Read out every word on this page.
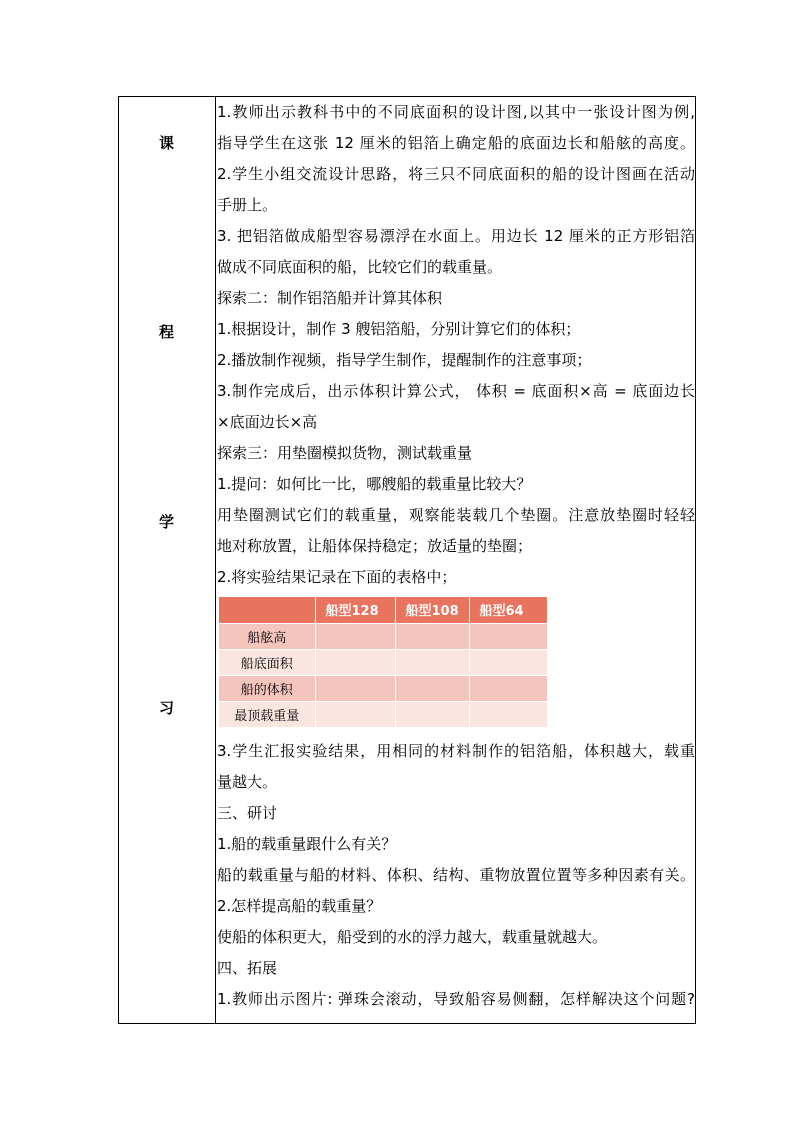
课
程
学
习
1.教师出示教科书中的不同底面积的设计图,以其中一张设计图为例,
指导学生在这张 12 厘米的铝箔上确定船的底面边长和船舷的高度。
2.学生小组交流设计思路，将三只不同底面积的船的设计图画在活动
手册上。
3. 把铝箔做成船型容易漂浮在水面上。用边长 12 厘米的正方形铝箔
做成不同底面积的船，比较它们的载重量。
探索二：制作铝箔船并计算其体积
1.根据设计，制作 3 艘铝箔船，分别计算它们的体积；
2.播放制作视频，指导学生制作，提醒制作的注意事项；
3.制作完成后，出示体积计算公式， 体积 = 底面积×高 = 底面边长
×底面边长×高
探索三：用垫圈模拟货物，测试载重量
1.提问：如何比一比，哪艘船的载重量比较大？
用垫圈测试它们的载重量，观察能装载几个垫圈。注意放垫圈时轻轻
地对称放置，让船体保持稳定；放适量的垫圈；
2.将实验结果记录在下面的表格中；
	船型128	船型108	船型64
船舷高			
船底面积			
船的体积			
最顶载重量			
3.学生汇报实验结果，用相同的材料制作的铝箔船，体积越大，载重
量越大。
三、研讨
1.船的载重量跟什么有关？
船的载重量与船的材料、体积、结构、重物放置位置等多种因素有关。
2.怎样提高船的载重量？
使船的体积更大，船受到的水的浮力越大，载重量就越大。
四、拓展
1.教师出示图片: 弹珠会滚动，导致船容易侧翻，怎样解决这个问题?
